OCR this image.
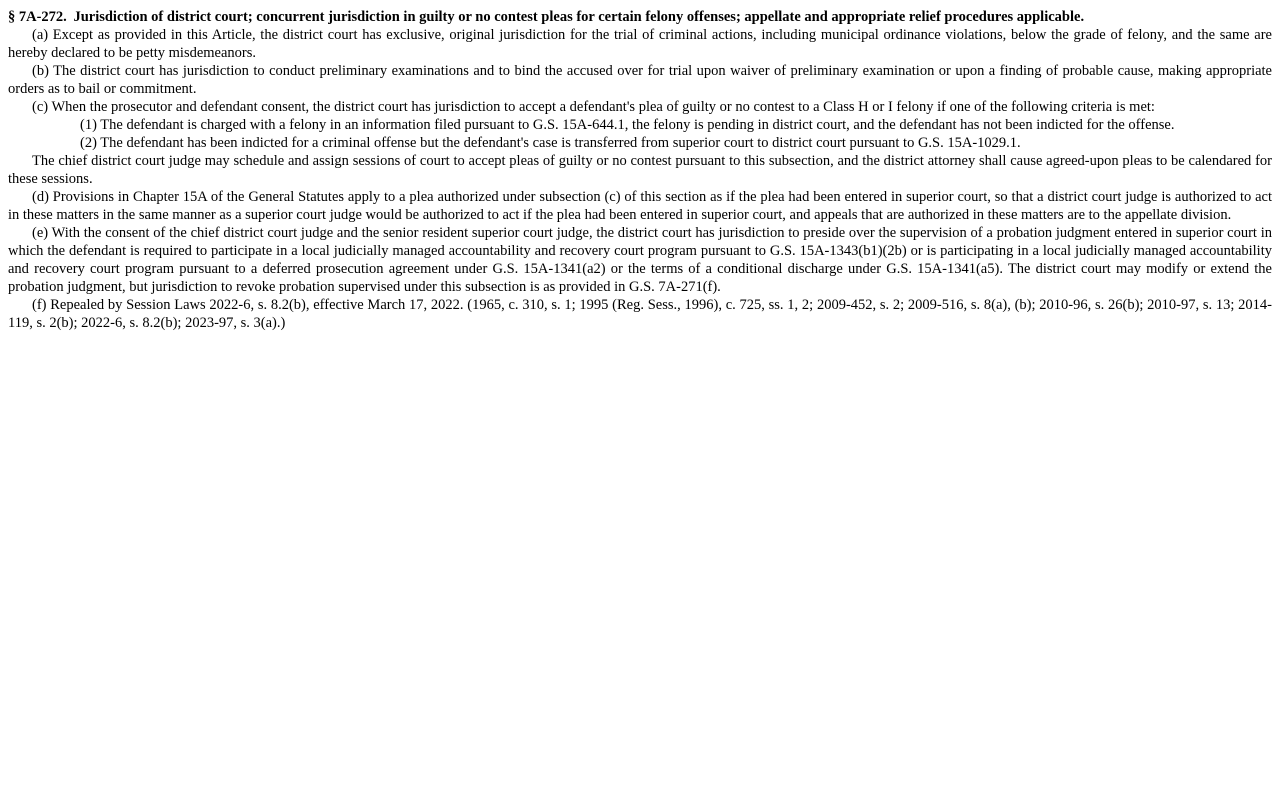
§ 7A-272. Jurisdiction of district court; concurrent jurisdiction in guilty or no contest pleas for certain felony offenses; appellate and appropriate relief procedures applicable.

(a) Except as provided in this Article, the district court has exclusive, original jurisdiction for the trial of criminal actions, including municipal ordinance violations, below the grade of felony, and the same are hereby declared to be petty misdemeanors.

(b) The district court has jurisdiction to conduct preliminary examinations and to bind the accused over for trial upon waiver of preliminary examination or upon a finding of probable cause, making appropriate orders as to bail or commitment.

(c) When the prosecutor and defendant consent, the district court has jurisdiction to accept a defendant's plea of guilty or no contest to a Class H or I felony if one of the following criteria is met:

(1) The defendant is charged with a felony in an information filed pursuant to G.S. 15A-644.1, the felony is pending in district court, and the defendant has not been indicted for the offense.

(2) The defendant has been indicted for a criminal offense but the defendant's case is transferred from superior court to district court pursuant to G.S. 15A-1029.1.

The chief district court judge may schedule and assign sessions of court to accept pleas of guilty or no contest pursuant to this subsection, and the district attorney shall cause agreed-upon pleas to be calendared for these sessions.

(d) Provisions in Chapter 15A of the General Statutes apply to a plea authorized under subsection (c) of this section as if the plea had been entered in superior court, so that a district court judge is authorized to act in these matters in the same manner as a superior court judge would be authorized to act if the plea had been entered in superior court, and appeals that are authorized in these matters are to the appellate division.

(e) With the consent of the chief district court judge and the senior resident superior court judge, the district court has jurisdiction to preside over the supervision of a probation judgment entered in superior court in which the defendant is required to participate in a local judicially managed accountability and recovery court program pursuant to G.S. 15A-1343(b1)(2b) or is participating in a local judicially managed accountability and recovery court program pursuant to a deferred prosecution agreement under G.S. 15A-1341(a2) or the terms of a conditional discharge under G.S. 15A-1341(a5). The district court may modify or extend the probation judgment, but jurisdiction to revoke probation supervised under this subsection is as provided in G.S. 7A-271(f).

(f) Repealed by Session Laws 2022-6, s. 8.2(b), effective March 17, 2022. (1965, c. 310, s. 1; 1995 (Reg. Sess., 1996), c. 725, ss. 1, 2; 2009-452, s. 2; 2009-516, s. 8(a), (b); 2010-96, s. 26(b); 2010-97, s. 13; 2014-119, s. 2(b); 2022-6, s. 8.2(b); 2023-97, s. 3(a).)
